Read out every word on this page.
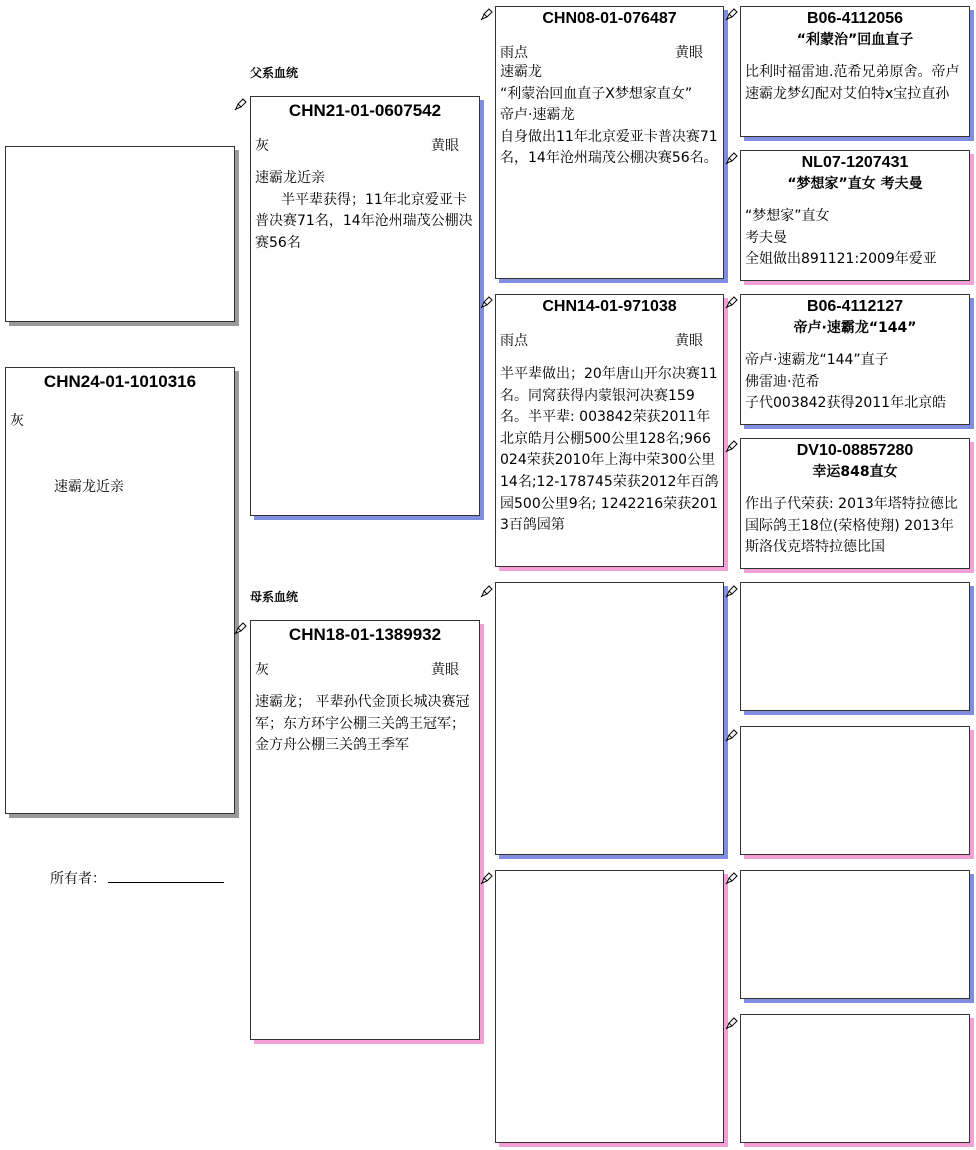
CHN24-01-1010316
灰
速霸龙近亲
所有者：
父系血统
CHN21-01-0607542
灰	黄眼
速霸龙近亲
半平辈获得；11年北京爱亚卡普决赛71名，14年沧州瑞茂公棚决赛56名
母系血统
CHN18-01-1389932
灰	黄眼
速霸龙； 平辈孙代金顶长城决赛冠军；东方环宇公棚三关鸽王冠军；金方舟公棚三关鸽王季军
CHN08-01-076487
雨点	黄眼
速霸龙
“利蒙治回血直子X梦想家直女”
帝卢·速霸龙
自身做出11年北京爱亚卡普决赛71名，14年沧州瑞茂公棚决赛56名。
CHN14-01-971038
雨点	黄眼
半平辈做出；20年唐山开尔决赛11名。同窝获得内蒙银河决赛159名。半平辈: 003842荣获2011年北京皓月公棚500公里128名;966024荣获2010年上海中荣300公里14名;12-178745荣获2012年百鸽园500公里9名; 1242216荣获2013百鸽园第
B06-4112056
“利蒙治”回血直子
比利时福雷迪.范希兄弟原舍。帝卢速霸龙梦幻配对艾伯特x宝拉直孙
NL07-1207431
“梦想家”直女 考夫曼
“梦想家”直女
考夫曼
全姐做出891121:2009年爱亚
B06-4112127
帝卢·速霸龙“144”
帝卢·速霸龙“144”直子
佛雷迪·范希
子代003842获得2011年北京皓
DV10-08857280
幸运848直女
作出子代荣获: 2013年塔特拉德比国际鸽王18位(荣格使翔) 2013年斯洛伐克塔特拉德比国
